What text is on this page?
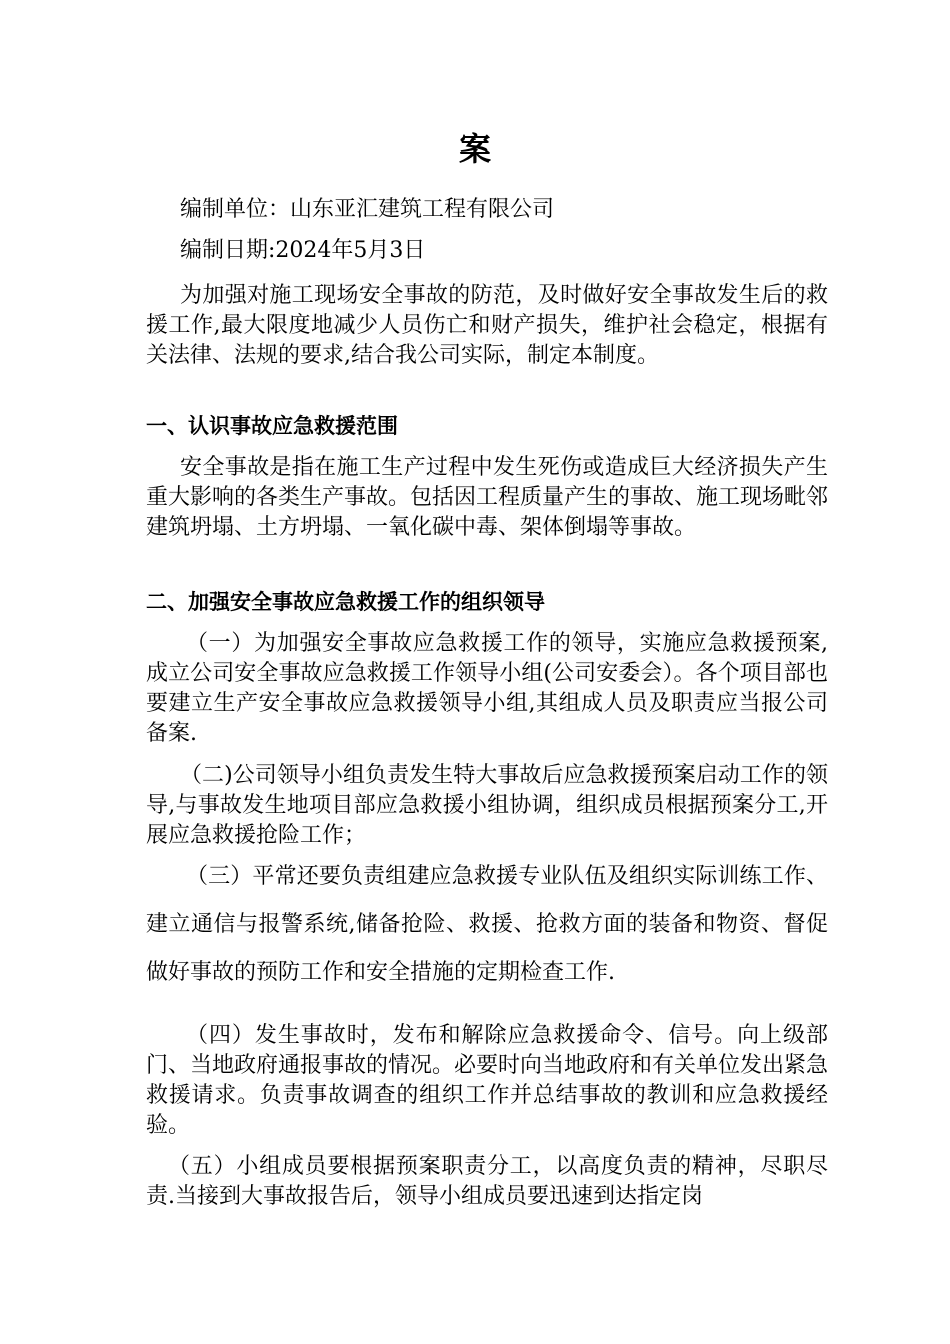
案

编制单位：山东亚汇建筑工程有限公司

编制日期:2024年5月3日

为加强对施工现场安全事故的防范，及时做好安全事故发生后的救援工作,最大限度地减少人员伤亡和财产损失，维护社会稳定，根据有关法律、法规的要求,结合我公司实际，制定本制度。

一、认识事故应急救援范围

安全事故是指在施工生产过程中发生死伤或造成巨大经济损失产生重大影响的各类生产事故。包括因工程质量产生的事故、施工现场毗邻建筑坍塌、土方坍塌、一氧化碳中毒、架体倒塌等事故。

二、加强安全事故应急救援工作的组织领导

（一）为加强安全事故应急救援工作的领导，实施应急救援预案,成立公司安全事故应急救援工作领导小组(公司安委会）。各个项目部也要建立生产安全事故应急救援领导小组,其组成人员及职责应当报公司备案.

（二)公司领导小组负责发生特大事故后应急救援预案启动工作的领导,与事故发生地项目部应急救援小组协调，组织成员根据预案分工,开展应急救援抢险工作；

（三）平常还要负责组建应急救援专业队伍及组织实际训练工作、建立通信与报警系统,储备抢险、救援、抢救方面的装备和物资、督促做好事故的预防工作和安全措施的定期检查工作.

（四）发生事故时，发布和解除应急救援命令、信号。向上级部门、当地政府通报事故的情况。必要时向当地政府和有关单位发出紧急救援请求。负责事故调查的组织工作并总结事故的教训和应急救援经验。

（五）小组成员要根据预案职责分工，以高度负责的精神，尽职尽责.当接到大事故报告后，领导小组成员要迅速到达指定岗
